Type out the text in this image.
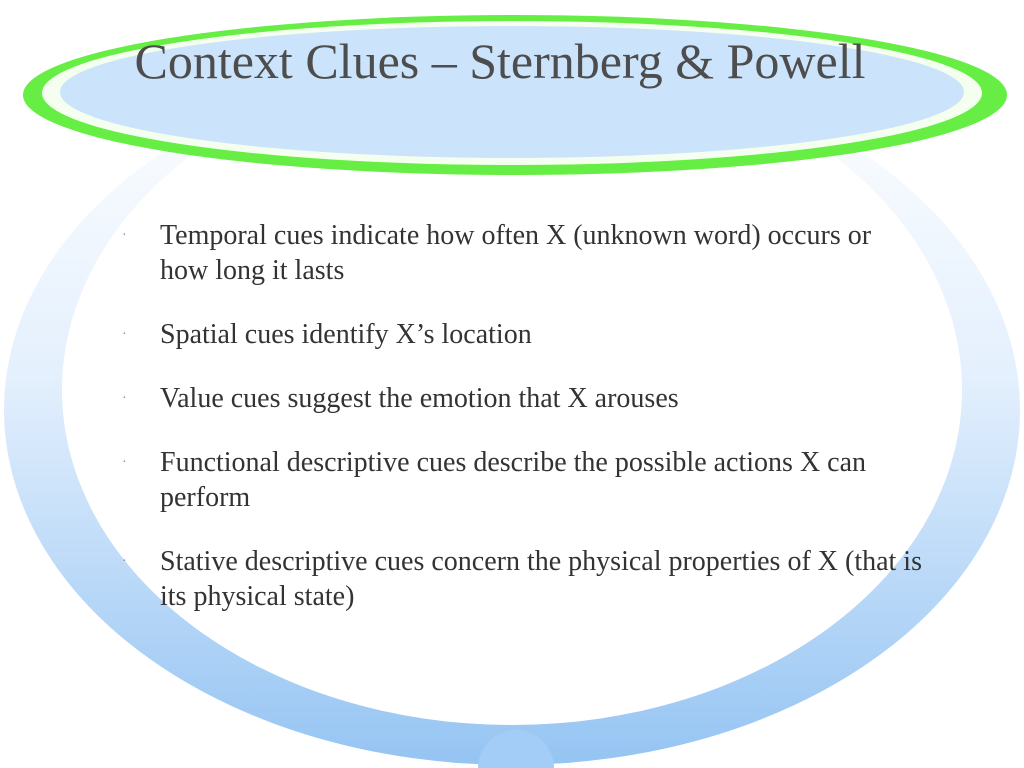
Context Clues – Sternberg & Powell
· Temporal cues indicate how often X (unknown word) occurs or how long it lasts
· Spatial cues identify X’s location
· Value cues suggest the emotion that X arouses
· Functional descriptive cues describe the possible actions X can perform
· Stative descriptive cues concern the physical properties of X (that is its physical state)
